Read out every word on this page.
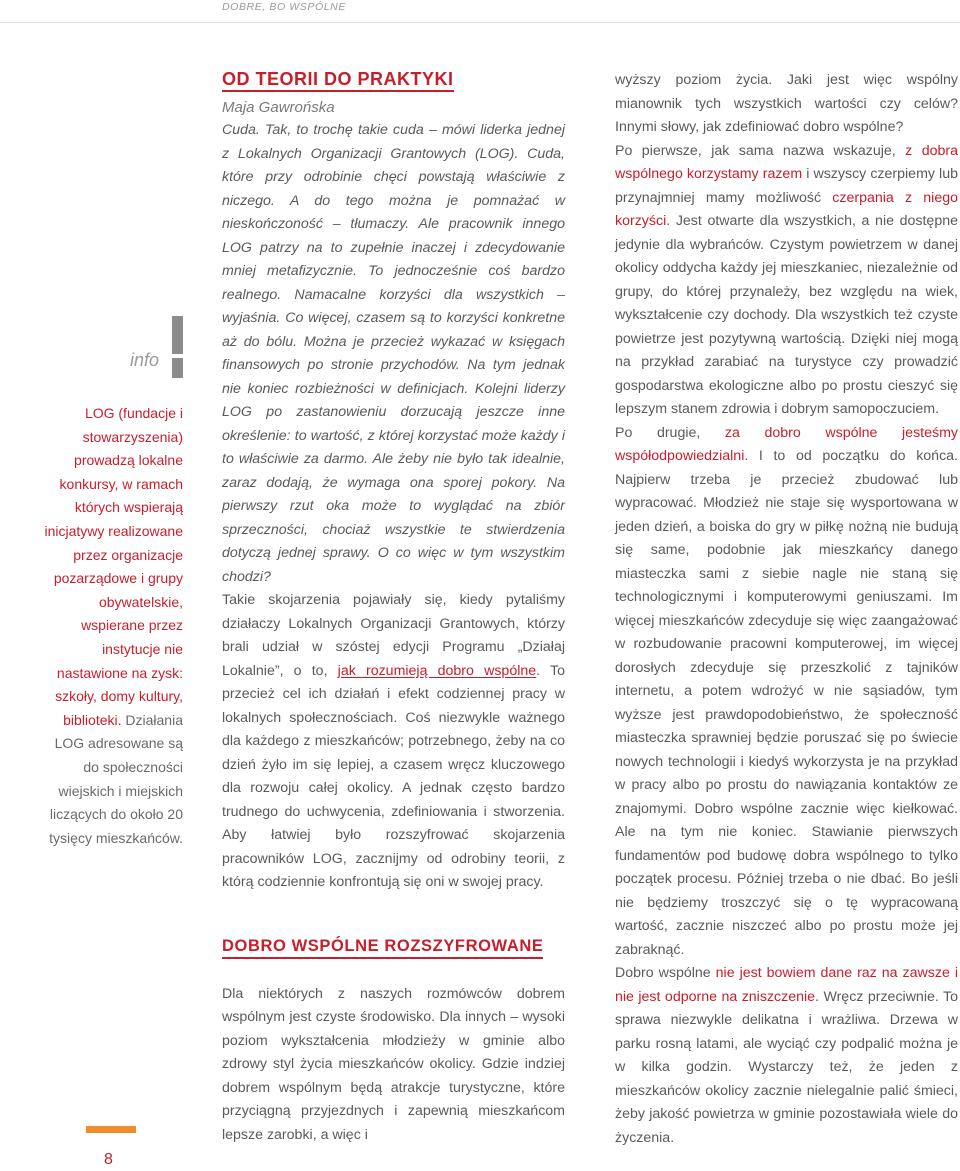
DOBRE, BO WSPÓLNE
info
LOG (fundacje i stowarzyszenia) prowadzą lokalne konkursy, w ramach których wspierają inicjatywy realizowane przez organizacje pozarządowe i grupy obywatelskie, wspierane przez instytucje nie nastawione na zysk: szkoły, domy kultury, biblioteki. Działania LOG adresowane są do społeczności wiejskich i miejskich liczących do około 20 tysięcy mieszkańców.
OD TEORII DO PRAKTYKI
Maja Gawrońska

Cuda. Tak, to trochę takie cuda – mówi liderka jednej z Lokalnych Organizacji Grantowych (LOG). Cuda, które przy odrobinie chęci powstają właściwie z niczego. A do tego można je pomnażać w nieskończoność – tłumaczy. Ale pracownik innego LOG patrzy na to zupełnie inaczej i zdecydowanie mniej metafizycznie. To jednocześnie coś bardzo realnego. Namacalne korzyści dla wszystkich – wyjaśnia. Co więcej, czasem są to korzyści konkretne aż do bólu. Można je przecież wykazać w księgach finansowych po stronie przychodów. Na tym jednak nie koniec rozbieżności w definicjach. Kolejni liderzy LOG po zastanowieniu dorzucają jeszcze inne określenie: to wartość, z której korzystać może każdy i to właściwie za darmo. Ale żeby nie było tak idealnie, zaraz dodają, że wymaga ona sporej pokory. Na pierwszy rzut oka może to wyglądać na zbiór sprzeczności, chociaż wszystkie te stwierdzenia dotyczą jednej sprawy. O co więc w tym wszystkim chodzi?

Takie skojarzenia pojawiały się, kiedy pytaliśmy działaczy Lokalnych Organizacji Grantowych, którzy brali udział w szóstej edycji Programu „Działaj Lokalnie”, o to, jak rozumieją dobro wspólne. To przecież cel ich działań i efekt codziennej pracy w lokalnych społecznościach. Coś niezwykle ważnego dla każdego z mieszkańców; potrzebnego, żeby na co dzień żyło im się lepiej, a czasem wręcz kluczowego dla rozwoju całej okolicy. A jednak często bardzo trudnego do uchwycenia, zdefiniowania i stworzenia. Aby łatwiej było rozszyfrować skojarzenia pracowników LOG, zacznijmy od odrobiny teorii, z którą codziennie konfrontują się oni w swojej pracy.

DOBRO WSPÓLNE ROZSZYFROWANE

Dla niektórych z naszych rozmówców dobrem wspólnym jest czyste środowisko. Dla innych – wysoki poziom wykształcenia młodzieży w gminie albo zdrowy styl życia mieszkańców okolicy. Gdzie indziej dobrem wspólnym będą atrakcje turystyczne, które przyciągną przyjezdnych i zapewnią mieszkańcom lepsze zarobki, a więc i

wyższy poziom życia. Jaki jest więc wspólny mianownik tych wszystkich wartości czy celów? Innymi słowy, jak zdefiniować dobro wspólne?

Po pierwsze, jak sama nazwa wskazuje, z dobra wspólnego korzystamy razem i wszyscy czerpiemy lub przynajmniej mamy możliwość czerpania z niego korzyści. Jest otwarte dla wszystkich, a nie dostępne jedynie dla wybrańców. Czystym powietrzem w danej okolicy oddycha każdy jej mieszkaniec, niezależnie od grupy, do której przynależy, bez względu na wiek, wykształcenie czy dochody. Dla wszystkich też czyste powietrze jest pozytywną wartością. Dzięki niej mogą na przykład zarabiać na turystyce czy prowadzić gospodarstwa ekologiczne albo po prostu cieszyć się lepszym stanem zdrowia i dobrym samopoczuciem.

Po drugie, za dobro wspólne jesteśmy współodpowiedzialni. I to od początku do końca. Najpierw trzeba je przecież zbudować lub wypracować. Młodzież nie staje się wysportowana w jeden dzień, a boiska do gry w piłkę nożną nie budują się same, podobnie jak mieszkańcy danego miasteczka sami z siebie nagle nie staną się technologicznymi i komputerowymi geniuszami. Im więcej mieszkańców zdecyduje się więc zaangażować w rozbudowanie pracowni komputerowej, im więcej dorosłych zdecyduje się przeszkolić z tajników internetu, a potem wdrożyć w nie sąsiadów, tym wyższe jest prawdopodobieństwo, że społeczność miasteczka sprawniej będzie poruszać się po świecie nowych technologii i kiedyś wykorzysta je na przykład w pracy albo po prostu do nawiązania kontaktów ze znajomymi. Dobro wspólne zacznie więc kiełkować. Ale na tym nie koniec. Stawianie pierwszych fundamentów pod budowę dobra wspólnego to tylko początek procesu. Później trzeba o nie dbać. Bo jeśli nie będziemy troszczyć się o tę wypracowaną wartość, zacznie niszczeć albo po prostu może jej zabraknąć.

Dobro wspólne nie jest bowiem dane raz na zawsze i nie jest odporne na zniszczenie. Wręcz przeciwnie. To sprawa niezwykle delikatna i wrażliwa. Drzewa w parku rosną latami, ale wyciąć czy podpalić można je w kilka godzin. Wystarczy też, że jeden z mieszkańców okolicy zacznie nielegalnie palić śmieci, żeby jakość powietrza w gminie pozostawiała wiele do życzenia.

8
